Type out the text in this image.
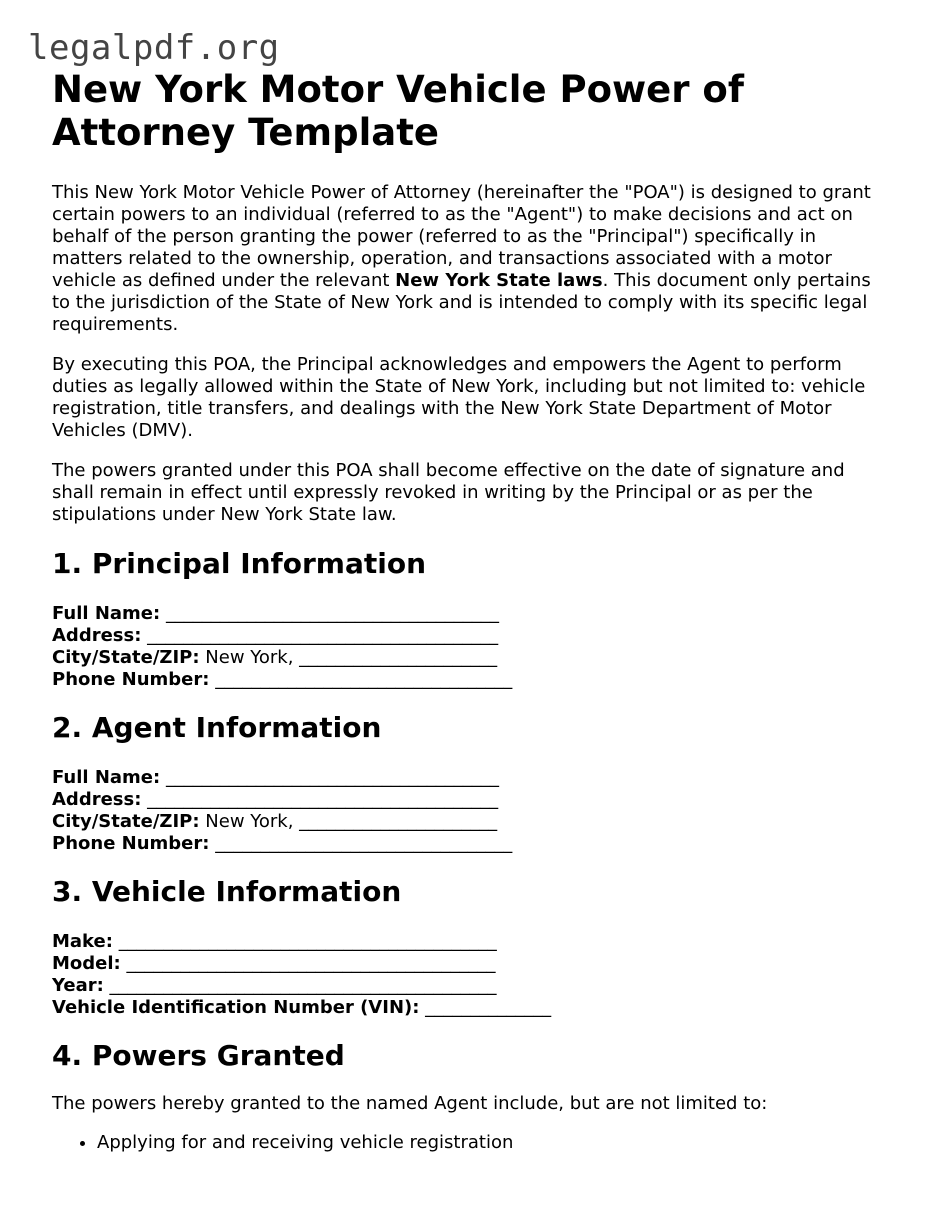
legalpdf.org
New York Motor Vehicle Power of Attorney Template

This New York Motor Vehicle Power of Attorney (hereinafter the "POA") is designed to grant certain powers to an individual (referred to as the "Agent") to make decisions and act on behalf of the person granting the power (referred to as the "Principal") specifically in matters related to the ownership, operation, and transactions associated with a motor vehicle as defined under the relevant New York State laws. This document only pertains to the jurisdiction of the State of New York and is intended to comply with its specific legal requirements.

By executing this POA, the Principal acknowledges and empowers the Agent to perform duties as legally allowed within the State of New York, including but not limited to: vehicle registration, title transfers, and dealings with the New York State Department of Motor Vehicles (DMV).

The powers granted under this POA shall become effective on the date of signature and shall remain in effect until expressly revoked in writing by the Principal or as per the stipulations under New York State law.

1. Principal Information
Full Name: _____________________________________
Address: _______________________________________
City/State/ZIP: New York, ______________________
Phone Number: _________________________________
2. Agent Information
Full Name: _____________________________________
Address: _______________________________________
City/State/ZIP: New York, ______________________
Phone Number: _________________________________
3. Vehicle Information
Make: __________________________________________
Model: _________________________________________
Year: ___________________________________________
Vehicle Identification Number (VIN): ______________
4. Powers Granted

The powers hereby granted to the named Agent include, but are not limited to:

• Applying for and receiving vehicle registration
